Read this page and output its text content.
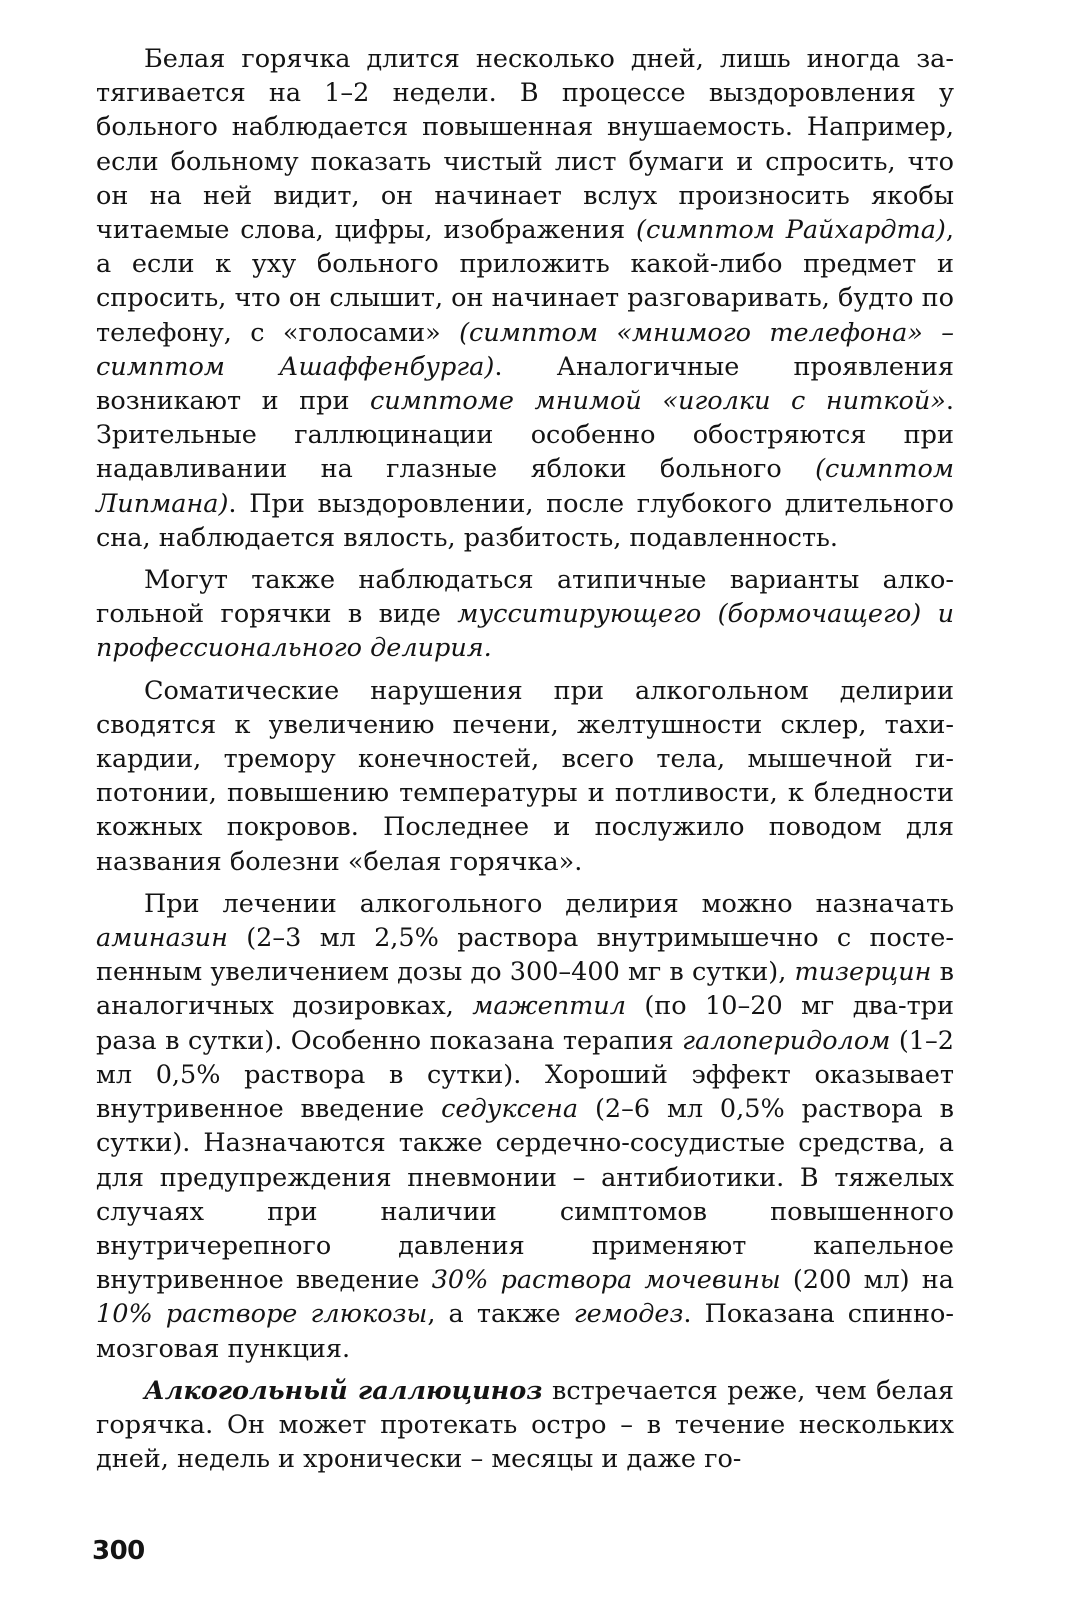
Белая горячка длится несколько дней, лишь иногда затягивается на 1–2 недели. В процессе выздоровления у больного наблюдается повышенная внушаемость. Например, если больному показать чистый лист бумаги и спросить, что он на ней видит, он начинает вслух произносить якобы читаемые слова, цифры, изображения (симптом Райхардта), а если к уху больного приложить какой-либо предмет и спросить, что он слышит, он начинает разговаривать, будто по телефону, с «голосами» (симптом «мнимого телефона» – симптом Ашаффенбурга). Аналогичные проявления возникают и при симптоме мнимой «иголки с ниткой». Зрительные галлюцинации особенно обостряются при надавливании на глазные яблоки больного (симптом Липмана). При выздоровлении, после глубокого длительного сна, наблюдается вялость, разбитость, подавленность.

Могут также наблюдаться атипичные варианты алкогольной горячки в виде мусситирующего (бормочащего) и профессионального делирия.

Соматические нарушения при алкогольном делирии сводятся к увеличению печени, желтушности склер, тахикардии, тремору конечностей, всего тела, мышечной гипотонии, повышению температуры и потливости, к бледности кожных покровов. Последнее и послужило поводом для названия болезни «белая горячка».

При лечении алкогольного делирия можно назначать аминазин (2–3 мл 2,5% раствора внутримышечно с постепенным увеличением дозы до 300–400 мг в сутки), тизерцин в аналогичных дозировках, мажептил (по 10–20 мг два-три раза в сутки). Особенно показана терапия галоперидолом (1–2 мл 0,5% раствора в сутки). Хороший эффект оказывает внутривенное введение седуксена (2–6 мл 0,5% раствора в сутки). Назначаются также сердечно-сосудистые средства, а для предупреждения пневмонии – антибиотики. В тяжелых случаях при наличии симптомов повышенного внутричерепного давления применяют капельное внутривенное введение 30% раствора мочевины (200 мл) на 10% растворе глюкозы, а также гемодез. Показана спинно-мозговая пункция.

Алкогольный галлюциноз встречается реже, чем белая горячка. Он может протекать остро – в течение нескольких дней, недель и хронически – месяцы и даже го-

300
